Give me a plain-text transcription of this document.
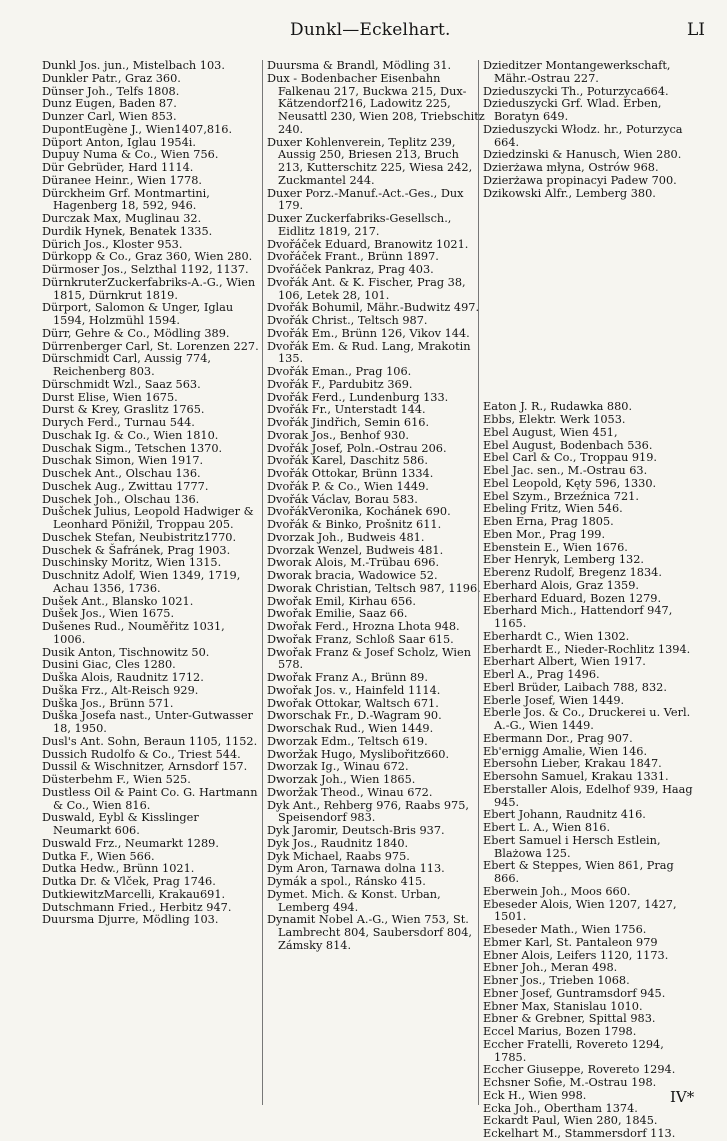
Dunkl—Eckelhart.	LI
Dunkl Jos. jun., Mistelbach 103.
Dunkler Patr., Graz 360.
Dünser Joh., Telfs 1808.
Dunz Eugen, Baden 87.
Dunzer Carl, Wien 853.
DupontEugène J., Wien1407,816.
Düport Anton, Iglau 1954i.
Dupuy Numa & Co., Wien 756.
Dür Gebrüder, Hard 1114.
Düranee Heinr., Wien 1778.
Dürckheim Grf. Montmartini, Hagenberg 18, 592, 946.
Durczak Max, Muglinau 32.
Durdik Hynek, Benatek 1335.
Dürich Jos., Kloster 953.
Dürkopp & Co., Graz 360, Wien 280.
Dürmoser Jos., Selzthal 1192, 1137.
DürnkruterZuckerfabriks-A.-G., Wien 1815, Dürnkrut 1819.
Dürport, Salomon & Unger, Iglau 1594, Holzmühl 1594.
Dürr, Gehre & Co., Mödling 389.
Dürrenberger Carl, St. Lorenzen 227.
Dürschmidt Carl, Aussig 774, Reichenberg 803.
Dürschmidt Wzl., Saaz 563.
Durst Elise, Wien 1675.
Durst & Krey, Graslitz 1765.
Durych Ferd., Turnau 544.
Duschak Ig. & Co., Wien 1810.
Duschak Sigm., Tetschen 1370.
Duschak Simon, Wien 1917.
Duschek Ant., Olschau 136.
Duschek Aug., Zwittau 1777.
Duschek Joh., Olschau 136.
Dušchek Julius, Leopold Hadwiger & Leonhard Pönižil, Troppau 205.
Duschek Stefan, Neubistritz1770.
Duschek & Šafránek, Prag 1903.
Duschinsky Moritz, Wien 1315.
Duschnitz Adolf, Wien 1349, 1719, Achau 1356, 1736.
Dušek Ant., Blansko 1021.
Dušek Jos., Wien 1675.
Dušenes Rud., Nouměřitz 1031, 1006.
Dusik Anton, Tischnowitz 50.
Dusini Giac, Cles 1280.
Duška Alois, Raudnitz 1712.
Duška Frz., Alt-Reisch 929.
Duška Jos., Brünn 571.
Duška Josefa nast., Unter-Gutwasser 18, 1950.
Dusl's Ant. Sohn, Beraun 1105, 1152.
Dussich Rudolfo & Co., Triest 544.
Dussil & Wischnitzer, Arnsdorf 157.
Düsterbehm F., Wien 525.
Dustless Oil & Paint Co. G. Hartmann & Co., Wien 816.
Duswald, Eybl & Kisslinger Neumarkt 606.
Duswald Frz., Neumarkt 1289.
Dutka F., Wien 566.
Dutka Hedw., Brünn 1021.
Dutka Dr. & Vlček, Prag 1746.
DutkiewitzMarcelli, Krakau691.
Dutschmann Fried., Herbitz 947.
Duursma Djurre, Mödling 103.
Duursma & Brandl, Mödling 31.
Dux - Bodenbacher Eisenbahn Falkenau 217, Buckwa 215, Dux-Kätzendorf216, Ladowitz 225, Neusattl 230, Wien 208, Triebschitz 240.
Duxer Kohlenverein, Teplitz 239, Aussig 250, Briesen 213, Bruch 213, Kutterschitz 225, Wiesa 242, Zuckmantel 244.
Duxer Porz.-Manuf.-Act.-Ges., Dux 179.
Duxer Zuckerfabriks-Gesellsch., Eidlitz 1819, 217.
Dvořáček Eduard, Branowitz 1021.
Dvořáček Frant., Brünn 1897.
Dvořáček Pankraz, Prag 403.
Dvořák Ant. & K. Fischer, Prag 38, 106, Letek 28, 101.
Dvořák Bohumil, Mähr.-Budwitz 497.
Dvořák Christ., Teltsch 987.
Dvořák Em., Brünn 126, Vikov 144.
Dvořák Em. & Rud. Lang, Mrakotin 135.
Dvořák Eman., Prag 106.
Dvořák F., Pardubitz 369.
Dvořák Ferd., Lundenburg 133.
Dvořák Fr., Unterstadt 144.
Dvořák Jindřich, Semin 616.
Dvorak Jos., Benhof 930.
Dvořák Josef, Poln.-Ostrau 206.
Dvořák Karel, Daschitz 586.
Dvořák Ottokar, Brünn 1334.
Dvořák P. & Co., Wien 1449.
Dvořák Václav, Borau 583.
DvořákVeronika, Kochánek 690.
Dvořák & Binko, Prošnitz 611.
Dvorzak Joh., Budweis 481.
Dvorzak Wenzel, Budweis 481.
Dworak Alois, M.-Trübau 696.
Dworak bracia, Wadowice 52.
Dworak Christian, Teltsch 987, 1196.
Dwořak Emil, Kirhau 656.
Dwořak Emilie, Saaz 66.
Dwořak Ferd., Hrozna Lhota 948.
Dwořak Franz, Schloß Saar 615.
Dwořak Franz & Josef Scholz, Wien 578.
Dwořak Franz A., Brünn 89.
Dwořak Jos. v., Hainfeld 1114.
Dwořak Ottokar, Waltsch 671.
Dworschak Fr., D.-Wagram 90.
Dworschak Rud., Wien 1449.
Dworzak Edm., Teltsch 619.
Dworžak Hugo, Myslibořitz660.
Dworzak Ig., Winau 672.
Dworzak Joh., Wien 1865.
Dworžak Theod., Winau 672.
Dyk Ant., Rehberg 976, Raabs 975, Speisendorf 983.
Dyk Jaromir, Deutsch-Bris 937.
Dyk Jos., Raudnitz 1840.
Dyk Michael, Raabs 975.
Dym Aron, Tarnawa dolna 113.
Dymák a spol., Ránsko 415.
Dymet. Mich. & Konst. Urban, Lemberg 494.
Dynamit Nobel A.-G., Wien 753, St. Lambrecht 804, Saubersdorf 804, Zámsky 814.
Dzieditzer Montangewerkschaft, Mähr.-Ostrau 227.
Dzieduszycki Th., Poturzyca664.
Dzieduszycki Grf. Wlad. Erben, Boratyn 649.
Dzieduszycki Włodz. hr., Poturzyca 664.
Dziedzinski & Hanusch, Wien 280.
Dzierżawa młyna, Ostrów 968.
Dzierżawa propinacyi Padew 700.
Dzikowski Alfr., Lemberg 380.
Eaton J. R., Rudawka 880.
Ebbs, Elektr. Werk 1053.
Ebel August, Wien 451,
Ebel August, Bodenbach 536.
Ebel Carl & Co., Troppau 919.
Ebel Jac. sen., M.-Ostrau 63.
Ebel Leopold, Kęty 596, 1330.
Ebel Szym., Brzeźnica 721.
Ebeling Fritz, Wien 546.
Eben Erna, Prag 1805.
Eben Mor., Prag 199.
Ebenstein E., Wien 1676.
Eber Henryk, Lemberg 132.
Eberenz Rudolf, Bregenz 1834.
Eberhard Alois, Graz 1359.
Eberhard Eduard, Bozen 1279.
Eberhard Mich., Hattendorf 947, 1165.
Eberhardt C., Wien 1302.
Eberhardt E., Nieder-Rochlitz 1394.
Eberhart Albert, Wien 1917.
Eberl A., Prag 1496.
Eberl Brüder, Laibach 788, 832.
Eberle Josef, Wien 1449.
Eberle Jos. & Co., Druckerei u. Verl. A.-G., Wien 1449.
Ebermann Dor., Prag 907.
Eb'ernigg Amalie, Wien 146.
Ebersohn Lieber, Krakau 1847.
Ebersohn Samuel, Krakau 1331.
Eberstaller Alois, Edelhof 939, Haag 945.
Ebert Johann, Raudnitz 416.
Ebert L. A., Wien 816.
Ebert Samuel i Hersch Estlein, Blażowa 125.
Ebert & Steppes, Wien 861, Prag 866.
Eberwein Joh., Moos 660.
Ebeseder Alois, Wien 1207, 1427, 1501.
Ebeseder Math., Wien 1756.
Ebmer Karl, St. Pantaleon 979
Ebner Alois, Leifers 1120, 1173.
Ebner Joh., Meran 498.
Ebner Jos., Trieben 1068.
Ebner Josef, Guntramsdorf 945.
Ebner Max, Stanislau 1010.
Ebner & Grebner, Spittal 983.
Eccel Marius, Bozen 1798.
Eccher Fratelli, Rovereto 1294, 1785.
Eccher Giuseppe, Rovereto 1294.
Echsner Sofie, M.-Ostrau 198.
Eck H., Wien 998.
Ecka Joh., Obertham 1374.
Eckardt Paul, Wien 280, 1845.
Eckelhart M., Stammersdorf 113.
IV*
